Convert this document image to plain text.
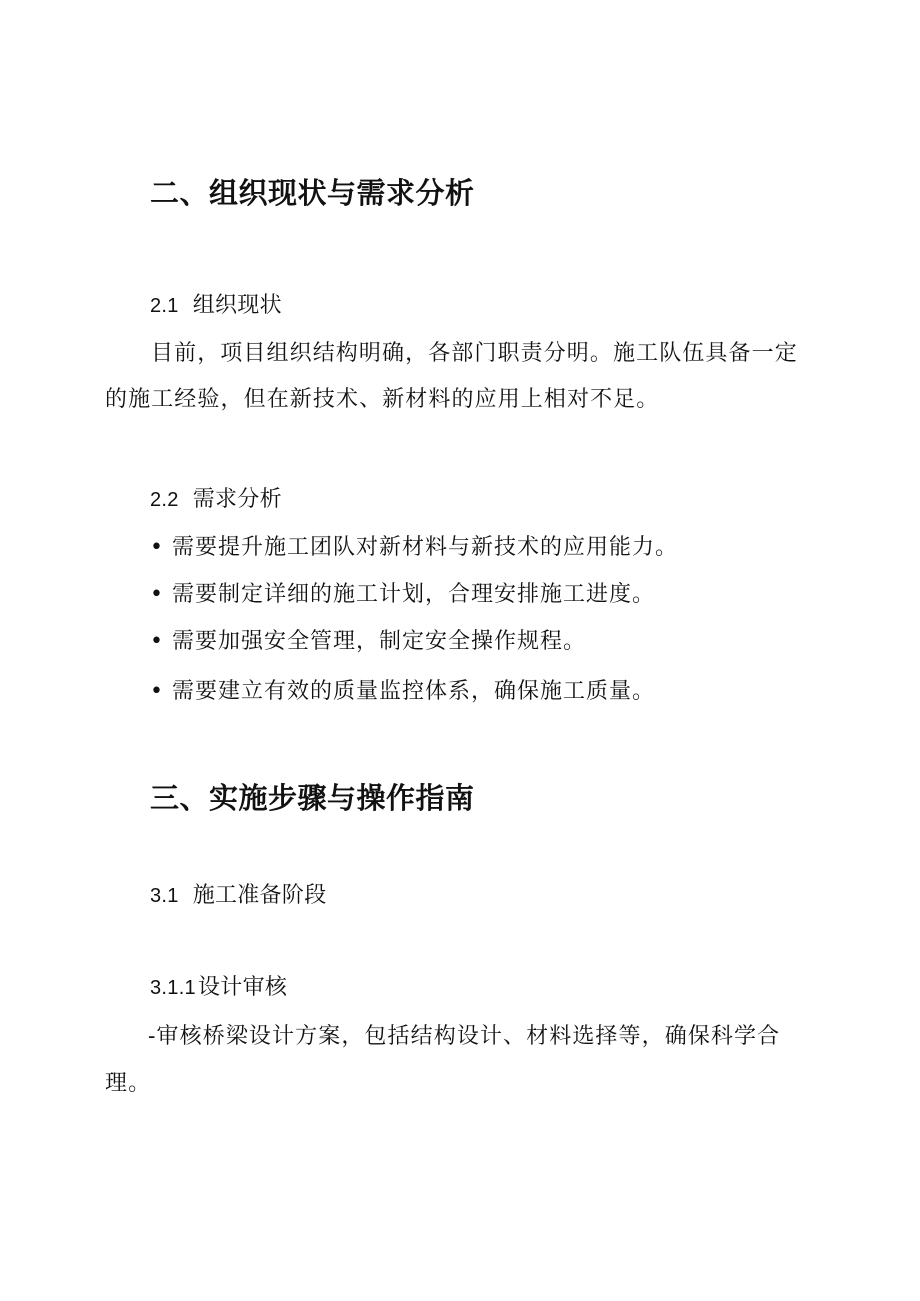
二、组织现状与需求分析
2.1 组织现状
目前，项目组织结构明确，各部门职责分明。施工队伍具备一定
的施工经验，但在新技术、新材料的应用上相对不足。
2.2 需求分析
• 需要提升施工团队对新材料与新技术的应用能力。
• 需要制定详细的施工计划，合理安排施工进度。
• 需要加强安全管理，制定安全操作规程。
• 需要建立有效的质量监控体系，确保施工质量。
三、实施步骤与操作指南
3.1 施工准备阶段
3.1.1设计审核
-审核桥梁设计方案，包括结构设计、材料选择等，确保科学合
理。
